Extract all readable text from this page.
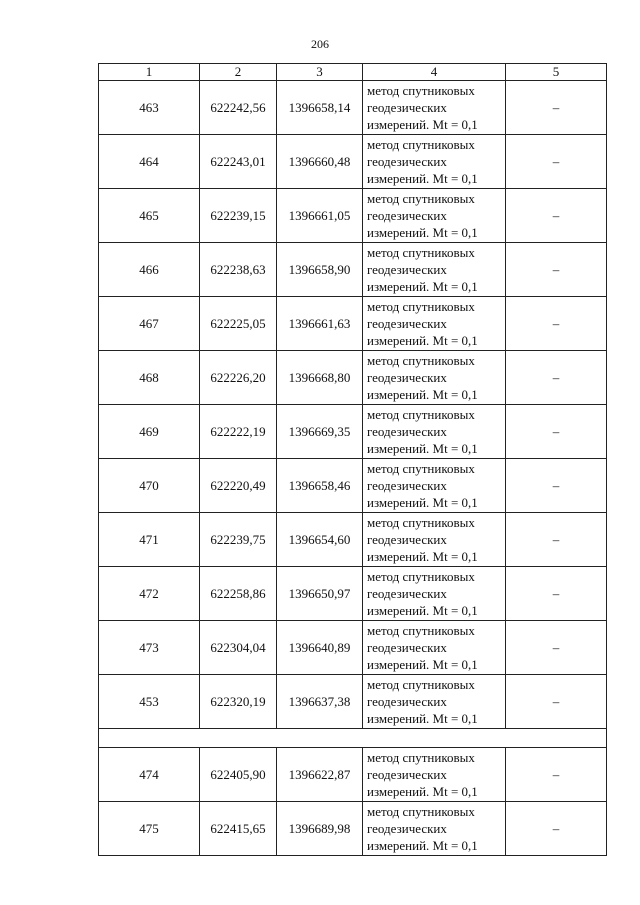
206
1	2	3	4	5
463	622242,56	1396658,14	метод спутниковых
геодезических
измерений. Mt = 0,1	–
464	622243,01	1396660,48	метод спутниковых
геодезических
измерений. Mt = 0,1	–
465	622239,15	1396661,05	метод спутниковых
геодезических
измерений. Mt = 0,1	–
466	622238,63	1396658,90	метод спутниковых
геодезических
измерений. Mt = 0,1	–
467	622225,05	1396661,63	метод спутниковых
геодезических
измерений. Mt = 0,1	–
468	622226,20	1396668,80	метод спутниковых
геодезических
измерений. Mt = 0,1	–
469	622222,19	1396669,35	метод спутниковых
геодезических
измерений. Mt = 0,1	–
470	622220,49	1396658,46	метод спутниковых
геодезических
измерений. Mt = 0,1	–
471	622239,75	1396654,60	метод спутниковых
геодезических
измерений. Mt = 0,1	–
472	622258,86	1396650,97	метод спутниковых
геодезических
измерений. Mt = 0,1	–
473	622304,04	1396640,89	метод спутниковых
геодезических
измерений. Mt = 0,1	–
453	622320,19	1396637,38	метод спутниковых
геодезических
измерений. Mt = 0,1	–

474	622405,90	1396622,87	метод спутниковых
геодезических
измерений. Mt = 0,1	–
475	622415,65	1396689,98	метод спутниковых
геодезических
измерений. Mt = 0,1	–
